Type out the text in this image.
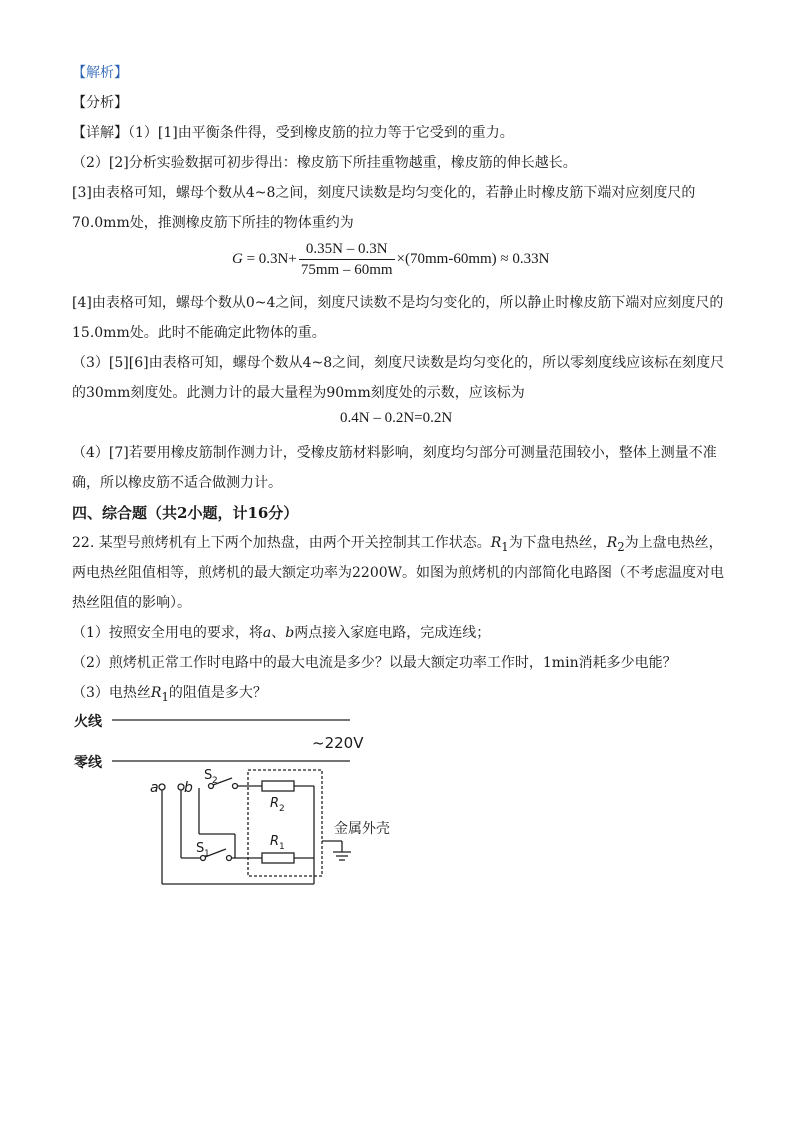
【解析】
【分析】
【详解】（1）[1]由平衡条件得，受到橡皮筋的拉力等于它受到的重力。
（2）[2]分析实验数据可初步得出：橡皮筋下所挂重物越重，橡皮筋的伸长越长。
[3]由表格可知，螺母个数从4~8之间，刻度尺读数是均匀变化的，若静止时橡皮筋下端对应刻度尺的
70.0mm处，推测橡皮筋下所挂的物体重约为
$G = 0.3N+ \frac{0.35N - 0.3N}{75mm - 60mm} \times(70mm-60mm) \approx 0.33N$
[4]由表格可知，螺母个数从0~4之间，刻度尺读数不是均匀变化的，所以静止时橡皮筋下端对应刻度尺的
15.0mm处。此时不能确定此物体的重。
（3）[5][6]由表格可知，螺母个数从4~8之间，刻度尺读数是均匀变化的，所以零刻度线应该标在刻度尺
的30mm刻度处。此测力计的最大量程为90mm刻度处的示数，应该标为
0.4N – 0.2N=0.2N
（4）[7]若要用橡皮筋制作测力计，受橡皮筋材料影响，刻度均匀部分可测量范围较小，整体上测量不准
确，所以橡皮筋不适合做测力计。
四、综合题（共2小题，计16分）
22. 某型号煎烤机有上下两个加热盘，由两个开关控制其工作状态。$R_1$为下盘电热丝，$R_2$为上盘电热丝，
两电热丝阻值相等，煎烤机的最大额定功率为2200W。如图为煎烤机的内部简化电路图（不考虑温度对电
热丝阻值的影响）。
（1）按照安全用电的要求，将a、b两点接入家庭电路，完成连线；
（2）煎烤机正常工作时电路中的最大电流是多少？以最大额定功率工作时，1min消耗多少电能？
（3）电热丝$R_1$的阻值是多大？
火线
零线
~220V
a b
S 2
S 1
R 2
R 1
金属外壳
